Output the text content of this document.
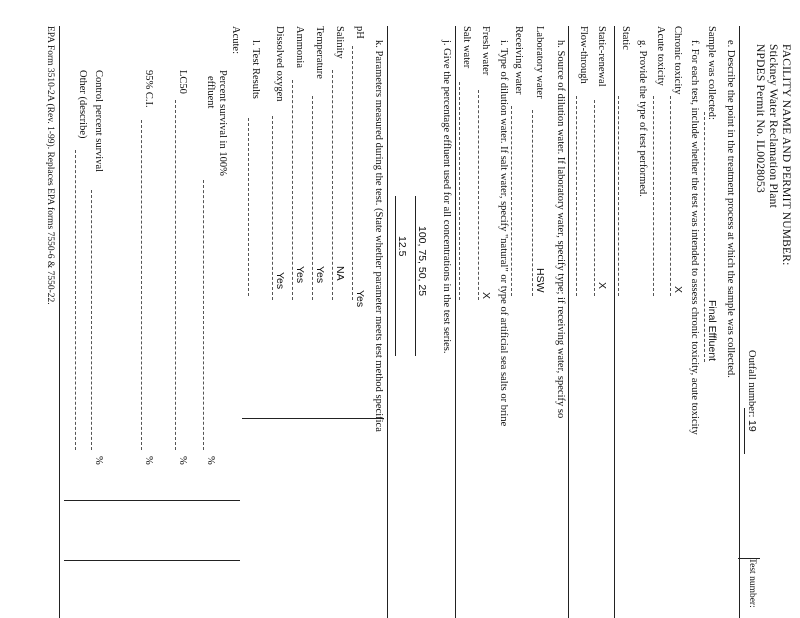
FACILITY NAME AND PERMIT NUMBER:
Stickney Water Reclamation Plant
NPDES Permit No. IL0028053
Outfall number:
19
Test number:
e. Describe the point in the treatment process at which the sample was collected.
Sample was collected:
Final Effluent
f. For each test, include whether the test was intended to assess chronic toxicity, acute toxicity
Chronic toxicity
X
Acute toxicity
g. Provide the type of test performed.
Static
Static-renewal
X
Flow-through
h. Source of dilution water. If laboratory water, specify type; if receiving water, specify so
Laboratory water
HSW
Receiving water
i. Type of dilution water. If salt water, specify "natural" or type of artificial sea salts or brine
Fresh water
X
Salt water
j. Give the percentage effluent used for all concentrations in the test series.
100, 75, 50, 25
12.5
k. Parameters measured during the test. (State whether parameter meets test method specifica
pH
Yes
Salinity
NA
Temperature
Yes
Ammonia
Yes
Dissolved oxygen
Yes
l. Test Results
Acute:
Percent survival in 100%
effluent
%
LC50
%
95% C.I.
%
Control percent survival
%
Other (describe)
EPA Form 3510-2A (Rev. 1-99). Replaces EPA forms 7550-6 & 7550-22.
